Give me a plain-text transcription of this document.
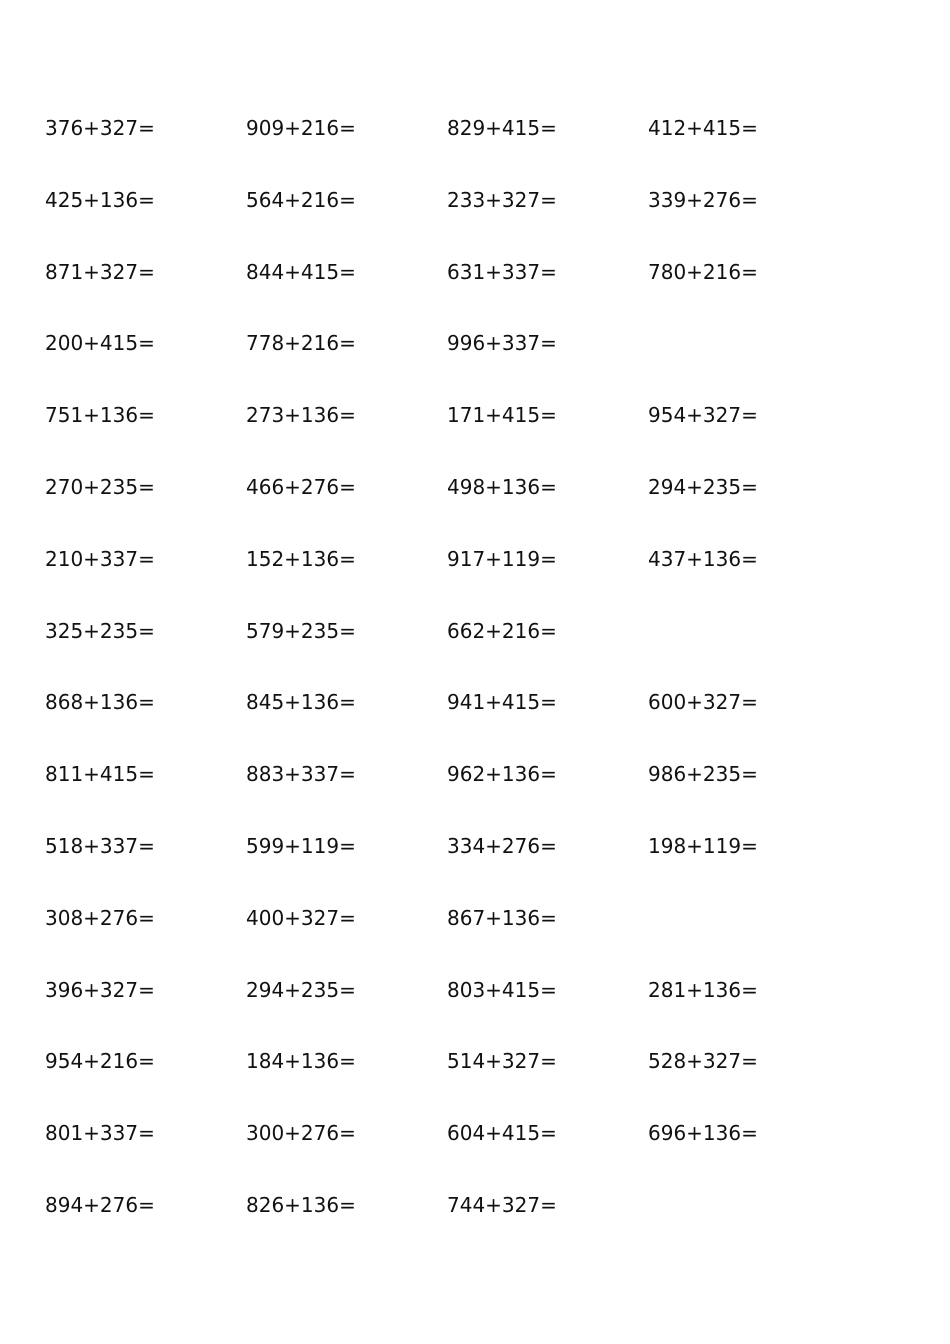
376+327=	909+216=	829+415=	412+415=
425+136=	564+216=	233+327=	339+276=
871+327=	844+415=	631+337=	780+216=
200+415=	778+216=	996+337=
751+136=	273+136=	171+415=	954+327=
270+235=	466+276=	498+136=	294+235=
210+337=	152+136=	917+119=	437+136=
325+235=	579+235=	662+216=
868+136=	845+136=	941+415=	600+327=
811+415=	883+337=	962+136=	986+235=
518+337=	599+119=	334+276=	198+119=
308+276=	400+327=	867+136=
396+327=	294+235=	803+415=	281+136=
954+216=	184+136=	514+327=	528+327=
801+337=	300+276=	604+415=	696+136=
894+276=	826+136=	744+327=
